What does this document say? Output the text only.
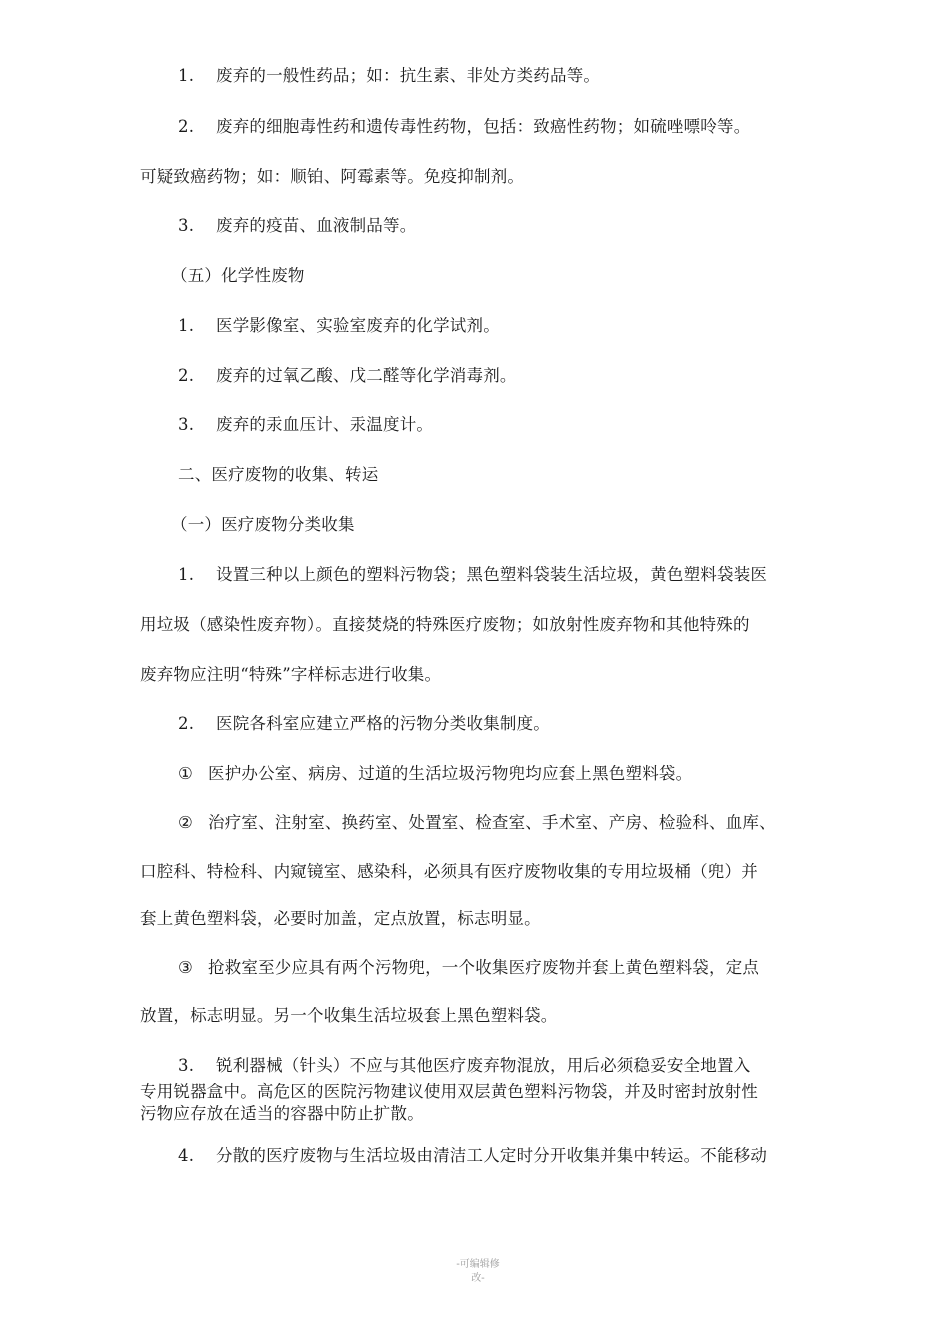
1. 废弃的一般性药品；如：抗生素、非处方类药品等。

2. 废弃的细胞毒性药和遗传毒性药物，包括：致癌性药物；如硫唑嘌呤等。

可疑致癌药物；如：顺铂、阿霉素等。免疫抑制剂。

3. 废弃的疫苗、血液制品等。

（五）化学性废物

1. 医学影像室、实验室废弃的化学试剂。

2. 废弃的过氧乙酸、戊二醛等化学消毒剂。

3. 废弃的汞血压计、汞温度计。

二、医疗废物的收集、转运

（一）医疗废物分类收集

1. 设置三种以上颜色的塑料污物袋；黑色塑料袋装生活垃圾，黄色塑料袋装医

用垃圾（感染性废弃物）。直接焚烧的特殊医疗废物；如放射性废弃物和其他特殊的

废弃物应注明“特殊”字样标志进行收集。

2. 医院各科室应建立严格的污物分类收集制度。

① 医护办公室、病房、过道的生活垃圾污物兜均应套上黑色塑料袋。

② 治疗室、注射室、换药室、处置室、检查室、手术室、产房、检验科、血库、

口腔科、特检科、内窥镜室、感染科，必须具有医疗废物收集的专用垃圾桶（兜）并

套上黄色塑料袋，必要时加盖，定点放置，标志明显。

③ 抢救室至少应具有两个污物兜，一个收集医疗废物并套上黄色塑料袋，定点

放置，标志明显。另一个收集生活垃圾套上黑色塑料袋。

3. 锐利器械（针头）不应与其他医疗废弃物混放，用后必须稳妥安全地置入

专用锐器盒中。高危区的医院污物建议使用双层黄色塑料污物袋，并及时密封放射性

污物应存放在适当的容器中防止扩散。

4. 分散的医疗废物与生活垃圾由清洁工人定时分开收集并集中转运。不能移动

-可编辑修
改-
